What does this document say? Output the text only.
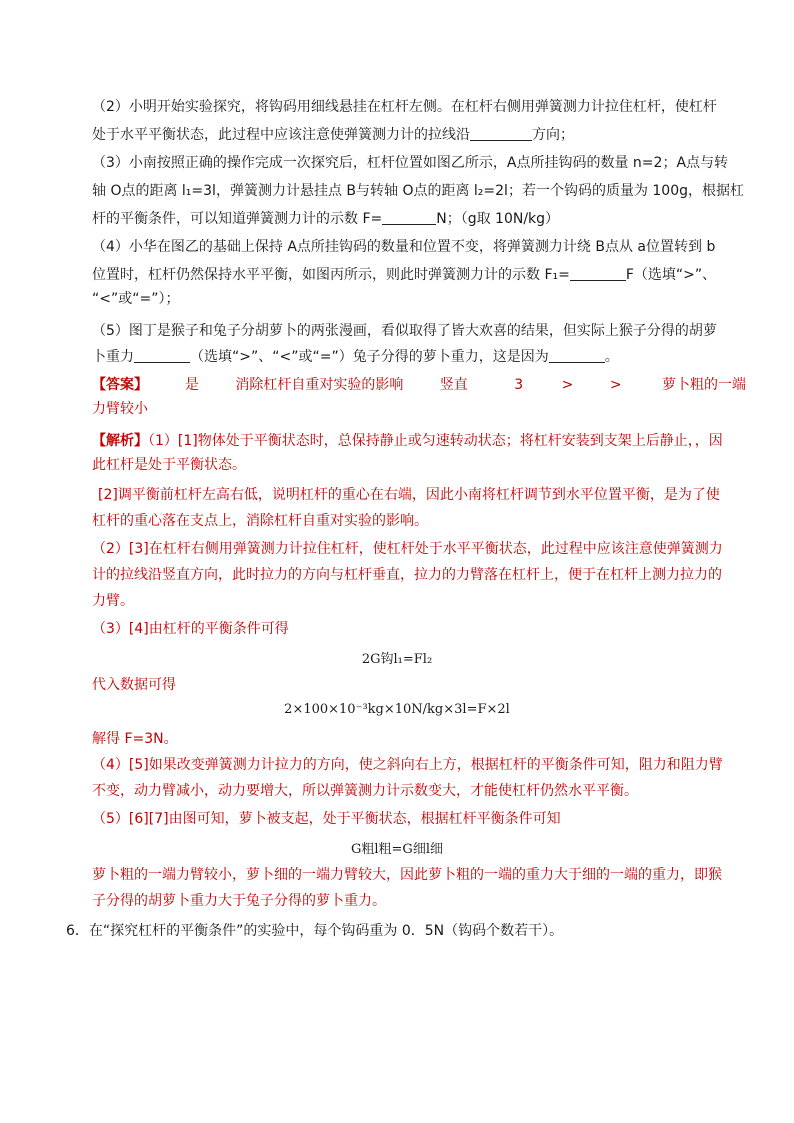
（2）小明开始实验探究，将钩码用细线悬挂在杠杆左侧。在杠杆右侧用弹簧测力计拉住杠杆，使杠杆
处于水平平衡状态，此过程中应该注意使弹簧测力计的拉线沿	方向；
（3）小南按照正确的操作完成一次探究后，杠杆位置如图乙所示，A点所挂钩码的数量 n=2；A点与转
轴 O点的距离 l₁=3l，弹簧测力计悬挂点 B与转轴 O点的距离 l₂=2l；若一个钩码的质量为 100g，根据杠
杆的平衡条件，可以知道弹簧测力计的示数 F=	N；（g取 10N/kg）
（4）小华在图乙的基础上保持 A点所挂钩码的数量和位置不变，将弹簧测力计绕 B点从 a位置转到 b
位置时，杠杆仍然保持水平平衡，如图丙所示，则此时弹簧测力计的示数 F₁=	F（选填“>”、
“<”或“=”）；
（5）图丁是猴子和兔子分胡萝卜的两张漫画，看似取得了皆大欢喜的结果，但实际上猴子分得的胡萝
卜重力	（选填“>”、“<”或“=”）兔子分得的萝卜重力，这是因为	。
【答案】	是	消除杠杆自重对实验的影响	竖直	3	>	>	萝卜粗的一端
力臂较小
【解析】（1）[1]物体处于平衡状态时，总保持静止或匀速转动状态；将杠杆安装到支架上后静止，，因
此杠杆是处于平衡状态。
[2]调平衡前杠杆左高右低，说明杠杆的重心在右端，因此小南将杠杆调节到水平位置平衡，是为了使
杠杆的重心落在支点上，消除杠杆自重对实验的影响。
（2）[3]在杠杆右侧用弹簧测力计拉住杠杆，使杠杆处于水平平衡状态，此过程中应该注意使弹簧测力
计的拉线沿竖直方向，此时拉力的方向与杠杆垂直，拉力的力臂落在杠杆上，便于在杠杆上测力拉力的
力臂。
（3）[4]由杠杆的平衡条件可得
2G钩l₁=Fl₂
代入数据可得
2×100×10⁻³kg×10N/kg×3l=F×2l
解得 F=3N。
（4）[5]如果改变弹簧测力计拉力的方向，使之斜向右上方，根据杠杆的平衡条件可知，阻力和阻力臂
不变，动力臂减小，动力要增大，所以弹簧测力计示数变大，才能使杠杆仍然水平平衡。
（5）[6][7]由图可知，萝卜被支起，处于平衡状态，根据杠杆平衡条件可知
G粗l粗=G细l细
萝卜粗的一端力臂较小，萝卜细的一端力臂较大，因此萝卜粗的一端的重力大于细的一端的重力，即猴
子分得的胡萝卜重力大于兔子分得的萝卜重力。
6．在“探究杠杆的平衡条件”的实验中，每个钩码重为 0．5N（钩码个数若干）。
